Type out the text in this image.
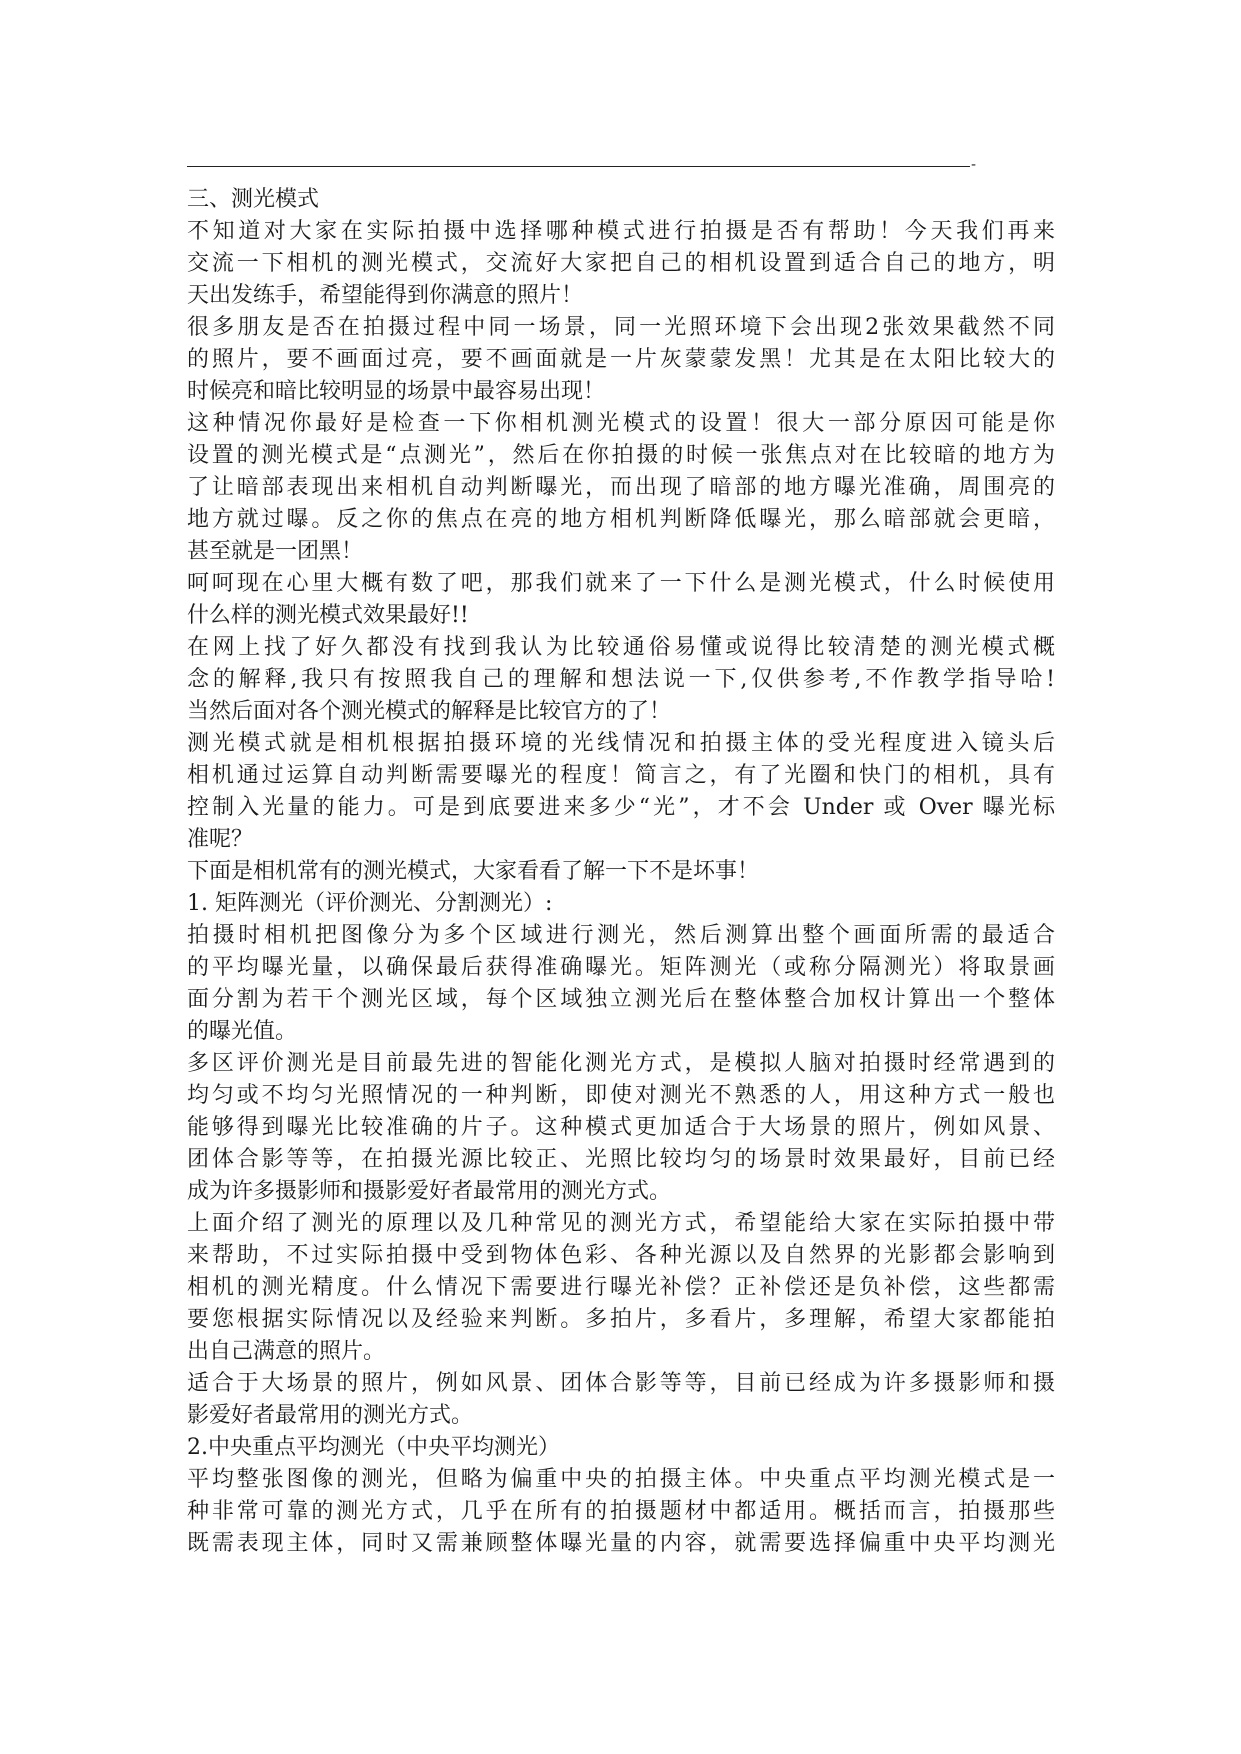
-
三、测光模式
不知道对大家在实际拍摄中选择哪种模式进行拍摄是否有帮助！今天我们再来
交流一下相机的测光模式，交流好大家把自己的相机设置到适合自己的地方，明
天出发练手，希望能得到你满意的照片！
很多朋友是否在拍摄过程中同一场景，同一光照环境下会出现2张效果截然不同
的照片，要不画面过亮，要不画面就是一片灰蒙蒙发黑！尤其是在太阳比较大的
时候亮和暗比较明显的场景中最容易出现！
这种情况你最好是检查一下你相机测光模式的设置！很大一部分原因可能是你
设置的测光模式是“点测光”，然后在你拍摄的时候一张焦点对在比较暗的地方为
了让暗部表现出来相机自动判断曝光，而出现了暗部的地方曝光准确，周围亮的
地方就过曝。反之你的焦点在亮的地方相机判断降低曝光，那么暗部就会更暗，
甚至就是一团黑！
呵呵现在心里大概有数了吧，那我们就来了一下什么是测光模式，什么时候使用
什么样的测光模式效果最好!!
在网上找了好久都没有找到我认为比较通俗易懂或说得比较清楚的测光模式概
念的解释,我只有按照我自己的理解和想法说一下,仅供参考,不作教学指导哈!
当然后面对各个测光模式的解释是比较官方的了！
测光模式就是相机根据拍摄环境的光线情况和拍摄主体的受光程度进入镜头后
相机通过运算自动判断需要曝光的程度！简言之，有了光圈和快门的相机，具有
控制入光量的能力。可是到底要进来多少“光”，才不会 Under 或 Over 曝光标
准呢？
下面是相机常有的测光模式，大家看看了解一下不是坏事！
1. 矩阵测光（评价测光、分割测光）:
拍摄时相机把图像分为多个区域进行测光，然后测算出整个画面所需的最适合
的平均曝光量，以确保最后获得准确曝光。矩阵测光（或称分隔测光）将取景画
面分割为若干个测光区域，每个区域独立测光后在整体整合加权计算出一个整体
的曝光值。
多区评价测光是目前最先进的智能化测光方式，是模拟人脑对拍摄时经常遇到的
均匀或不均匀光照情况的一种判断，即使对测光不熟悉的人，用这种方式一般也
能够得到曝光比较准确的片子。这种模式更加适合于大场景的照片，例如风景、
团体合影等等，在拍摄光源比较正、光照比较均匀的场景时效果最好，目前已经
成为许多摄影师和摄影爱好者最常用的测光方式。
上面介绍了测光的原理以及几种常见的测光方式，希望能给大家在实际拍摄中带
来帮助，不过实际拍摄中受到物体色彩、各种光源以及自然界的光影都会影响到
相机的测光精度。什么情况下需要进行曝光补偿？正补偿还是负补偿，这些都需
要您根据实际情况以及经验来判断。多拍片，多看片，多理解，希望大家都能拍
出自己满意的照片。
适合于大场景的照片，例如风景、团体合影等等，目前已经成为许多摄影师和摄
影爱好者最常用的测光方式。
2.中央重点平均测光（中央平均测光）
平均整张图像的测光，但略为偏重中央的拍摄主体。中央重点平均测光模式是一
种非常可靠的测光方式，几乎在所有的拍摄题材中都适用。概括而言，拍摄那些
既需表现主体，同时又需兼顾整体曝光量的内容，就需要选择偏重中央平均测光
